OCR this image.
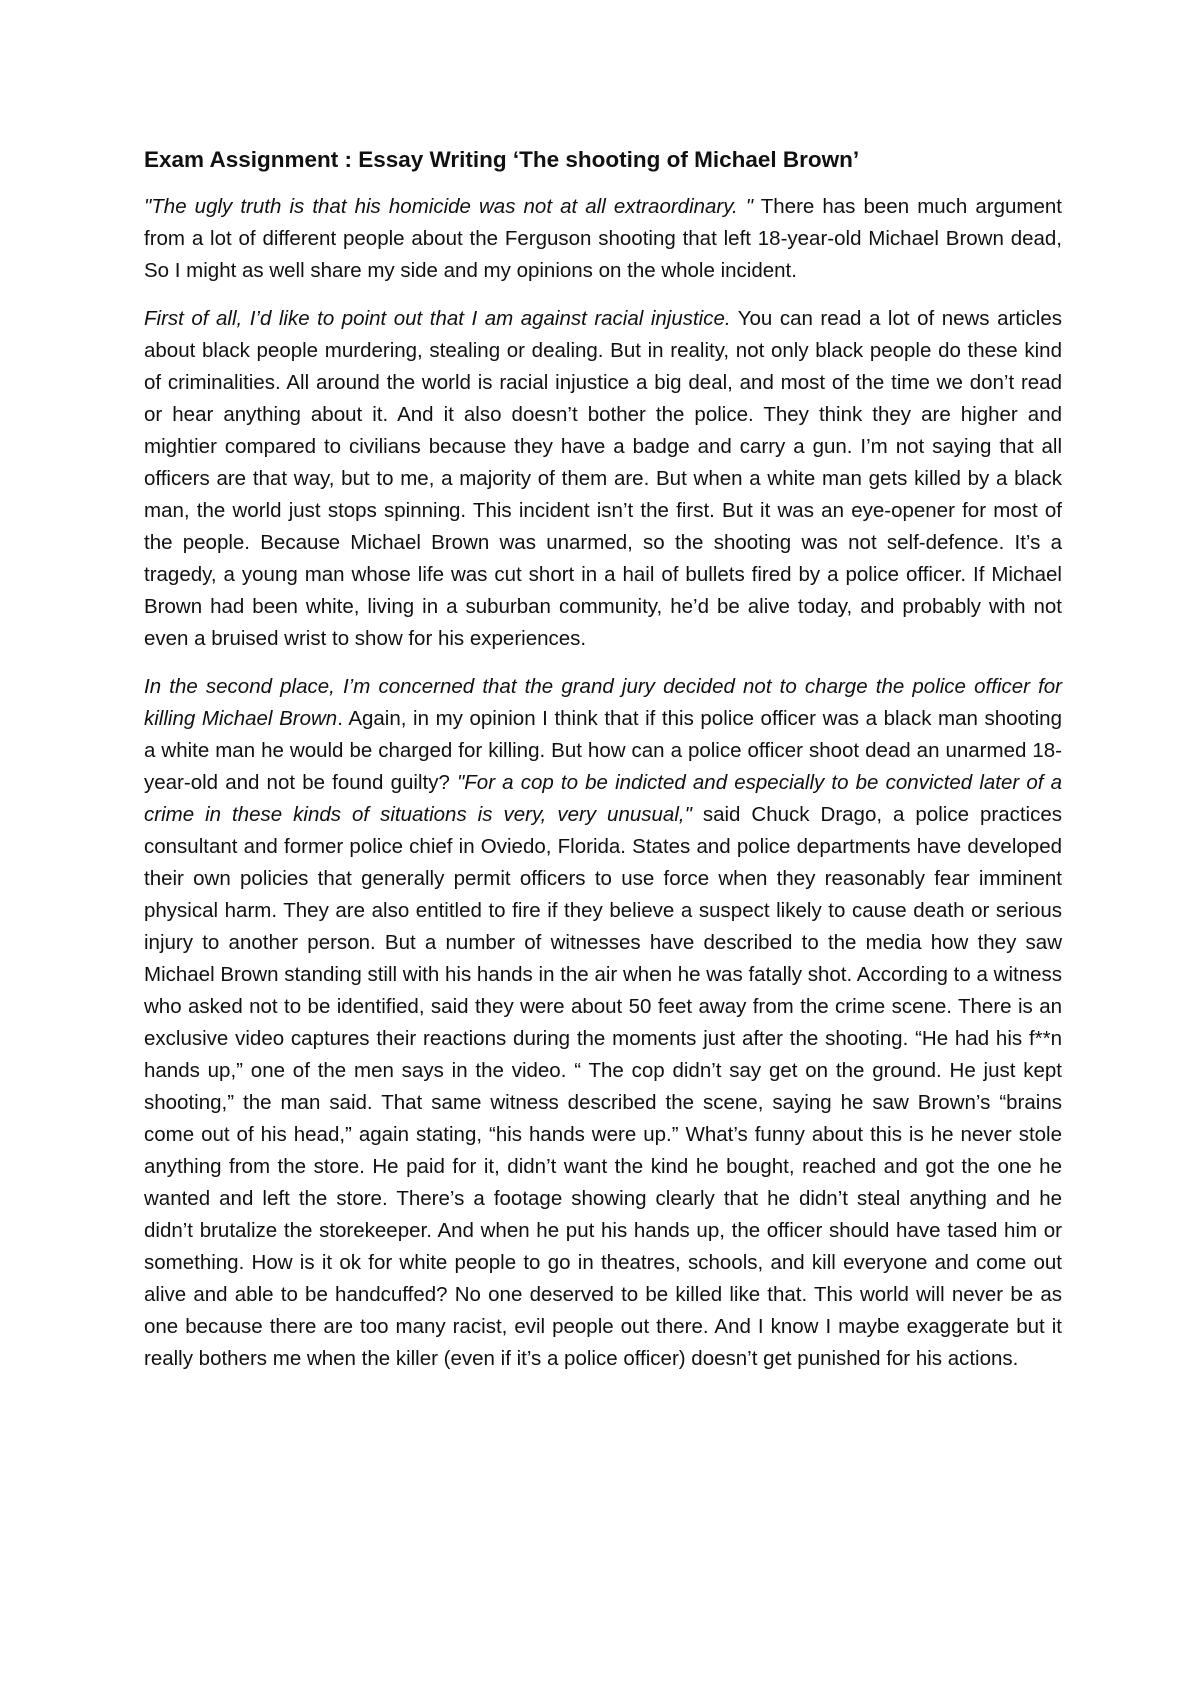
Exam Assignment : Essay Writing ‘The shooting of Michael Brown’

"The ugly truth is that his homicide was not at all extraordinary. " There has been much argument from a lot of different people about the Ferguson shooting that left 18-year-old Michael Brown dead, So I might as well share my side and my opinions on the whole incident.

First of all, I’d like to point out that I am against racial injustice. You can read a lot of news articles about black people murdering, stealing or dealing. But in reality, not only black people do these kind of criminalities. All around the world is racial injustice a big deal, and most of the time we don’t read or hear anything about it. And it also doesn’t bother the police. They think they are higher and mightier compared to civilians because they have a badge and carry a gun. I’m not saying that all officers are that way, but to me, a majority of them are. But when a white man gets killed by a black man, the world just stops spinning. This incident isn’t the first. But it was an eye-opener for most of the people. Because Michael Brown was unarmed, so the shooting was not self-defence. It’s a tragedy, a young man whose life was cut short in a hail of bullets fired by a police officer. If Michael Brown had been white, living in a suburban community, he’d be alive today, and probably with not even a bruised wrist to show for his experiences.

In the second place, I’m concerned that the grand jury decided not to charge the police officer for killing Michael Brown. Again, in my opinion I think that if this police officer was a black man shooting a white man he would be charged for killing. But how can a police officer shoot dead an unarmed 18-year-old and not be found guilty? "For a cop to be indicted and especially to be convicted later of a crime in these kinds of situations is very, very unusual," said Chuck Drago, a police practices consultant and former police chief in Oviedo, Florida. States and police departments have developed their own policies that generally permit officers to use force when they reasonably fear imminent physical harm. They are also entitled to fire if they believe a suspect likely to cause death or serious injury to another person. But a number of witnesses have described to the media how they saw Michael Brown standing still with his hands in the air when he was fatally shot. According to a witness who asked not to be identified, said they were about 50 feet away from the crime scene. There is an exclusive video captures their reactions during the moments just after the shooting. “He had his f**n hands up,” one of the men says in the video. “ The cop didn’t say get on the ground. He just kept shooting,” the man said. That same witness described the scene, saying he saw Brown’s “brains come out of his head,” again stating, “his hands were up.” What’s funny about this is he never stole anything from the store. He paid for it, didn’t want the kind he bought, reached and got the one he wanted and left the store. There’s a footage showing clearly that he didn’t steal anything and he didn’t brutalize the storekeeper. And when he put his hands up, the officer should have tased him or something. How is it ok for white people to go in theatres, schools, and kill everyone and come out alive and able to be handcuffed? No one deserved to be killed like that. This world will never be as one because there are too many racist, evil people out there. And I know I maybe exaggerate but it really bothers me when the killer (even if it’s a police officer) doesn’t get punished for his actions.
